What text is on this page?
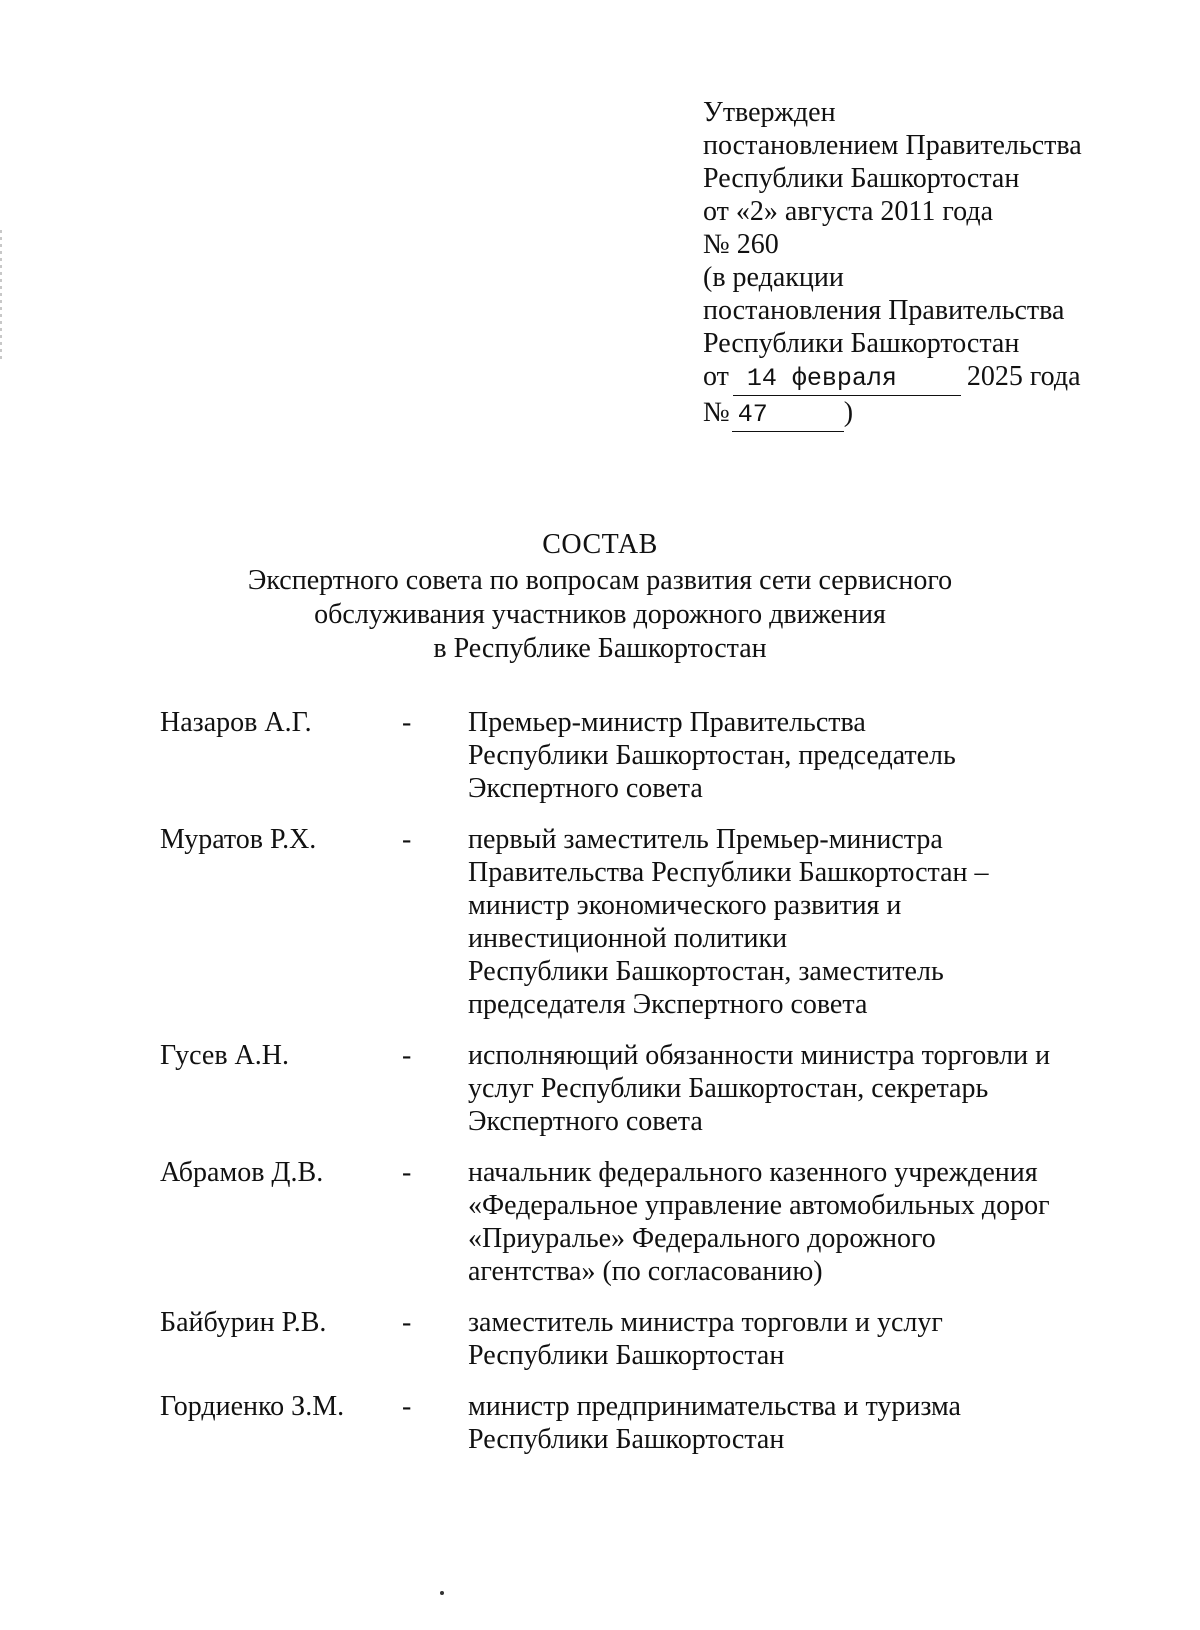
Утвержден
постановлением Правительства
Республики Башкортостан
от «2» августа 2011 года
№ 260
(в редакции
постановления Правительства
Республики Башкортостан
от 14 февраля 2025 года
№ 47	)
СОСТАВ
Экспертного совета по вопросам развития сети сервисного
обслуживания участников дорожного движения
в Республике Башкортостан
Назаров А.Г.	-	Премьер-министр Правительства
Республики Башкортостан, председатель
Экспертного совета
Муратов Р.Х.	-	первый заместитель Премьер-министра
Правительства Республики Башкортостан –
министр экономического развития и
инвестиционной политики
Республики Башкортостан, заместитель
председателя Экспертного совета
Гусев А.Н.	-	исполняющий обязанности министра торговли и
услуг Республики Башкортостан, секретарь
Экспертного совета
Абрамов Д.В.	-	начальник федерального казенного учреждения
«Федеральное управление автомобильных дорог
«Приуралье» Федерального дорожного
агентства» (по согласованию)
Байбурин Р.В.	-	заместитель министра торговли и услуг
Республики Башкортостан
Гордиенко З.М.	-	министр предпринимательства и туризма
Республики Башкортостан
